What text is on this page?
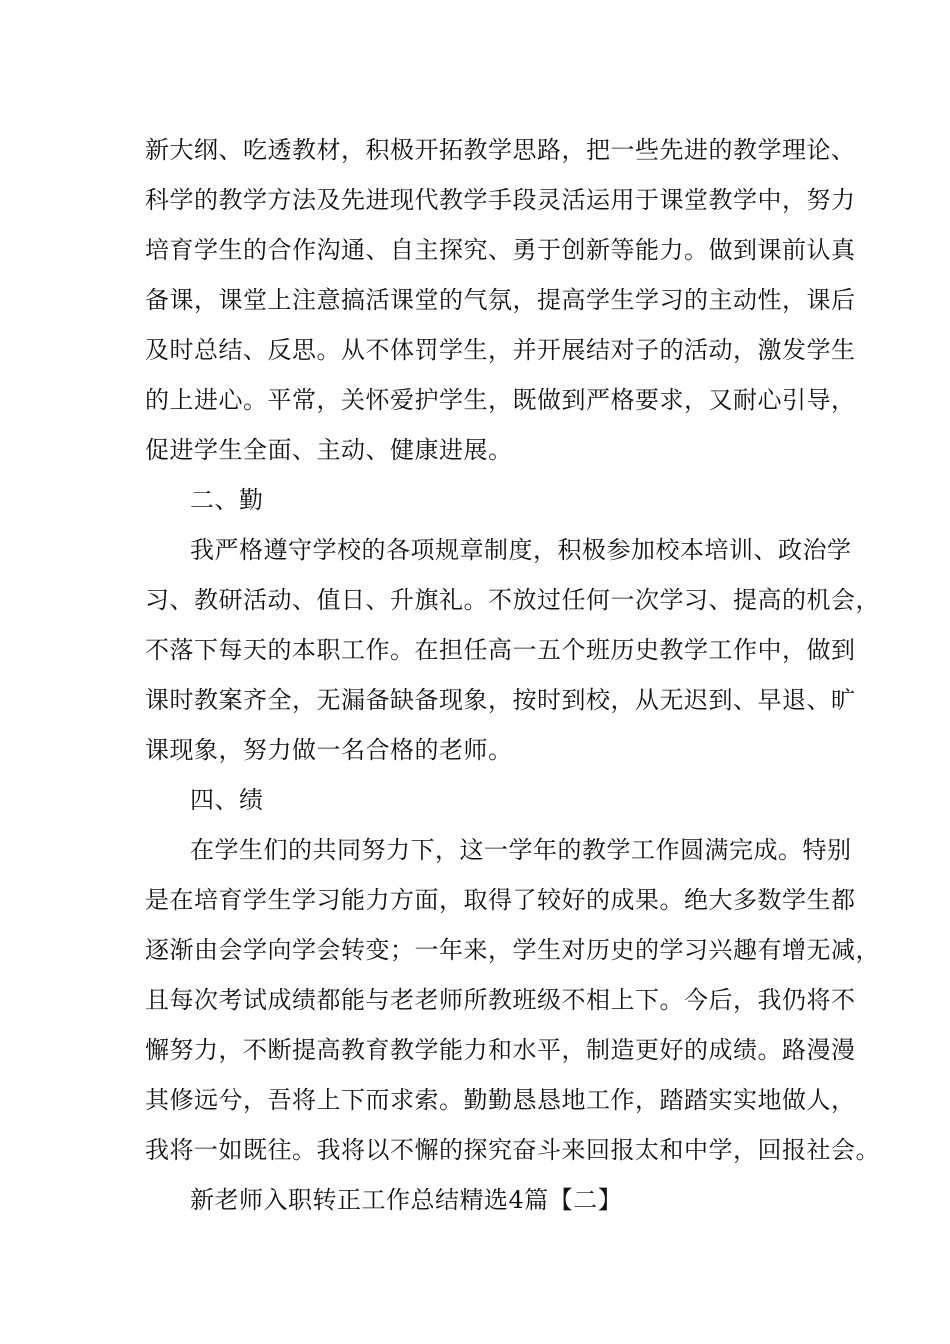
新大纲、吃透教材，积极开拓教学思路，把一些先进的教学理论、
科学的教学方法及先进现代教学手段灵活运用于课堂教学中，努力
培育学生的合作沟通、自主探究、勇于创新等能力。做到课前认真
备课，课堂上注意搞活课堂的气氛，提高学生学习的主动性，课后
及时总结、反思。从不体罚学生，并开展结对子的活动，激发学生
的上进心。平常，关怀爱护学生，既做到严格要求，又耐心引导，
促进学生全面、主动、健康进展。
二、勤
我严格遵守学校的各项规章制度，积极参加校本培训、政治学
习、教研活动、值日、升旗礼。不放过任何一次学习、提高的机会，
不落下每天的本职工作。在担任高一五个班历史教学工作中，做到
课时教案齐全，无漏备缺备现象，按时到校，从无迟到、早退、旷
课现象，努力做一名合格的老师。
四、绩
在学生们的共同努力下，这一学年的教学工作圆满完成。特别
是在培育学生学习能力方面，取得了较好的成果。绝大多数学生都
逐渐由会学向学会转变；一年来，学生对历史的学习兴趣有增无减，
且每次考试成绩都能与老老师所教班级不相上下。今后，我仍将不
懈努力，不断提高教育教学能力和水平，制造更好的成绩。路漫漫
其修远兮，吾将上下而求索。勤勤恳恳地工作，踏踏实实地做人，
我将一如既往。我将以不懈的探究奋斗来回报太和中学，回报社会。
新老师入职转正工作总结精选4篇【二】
